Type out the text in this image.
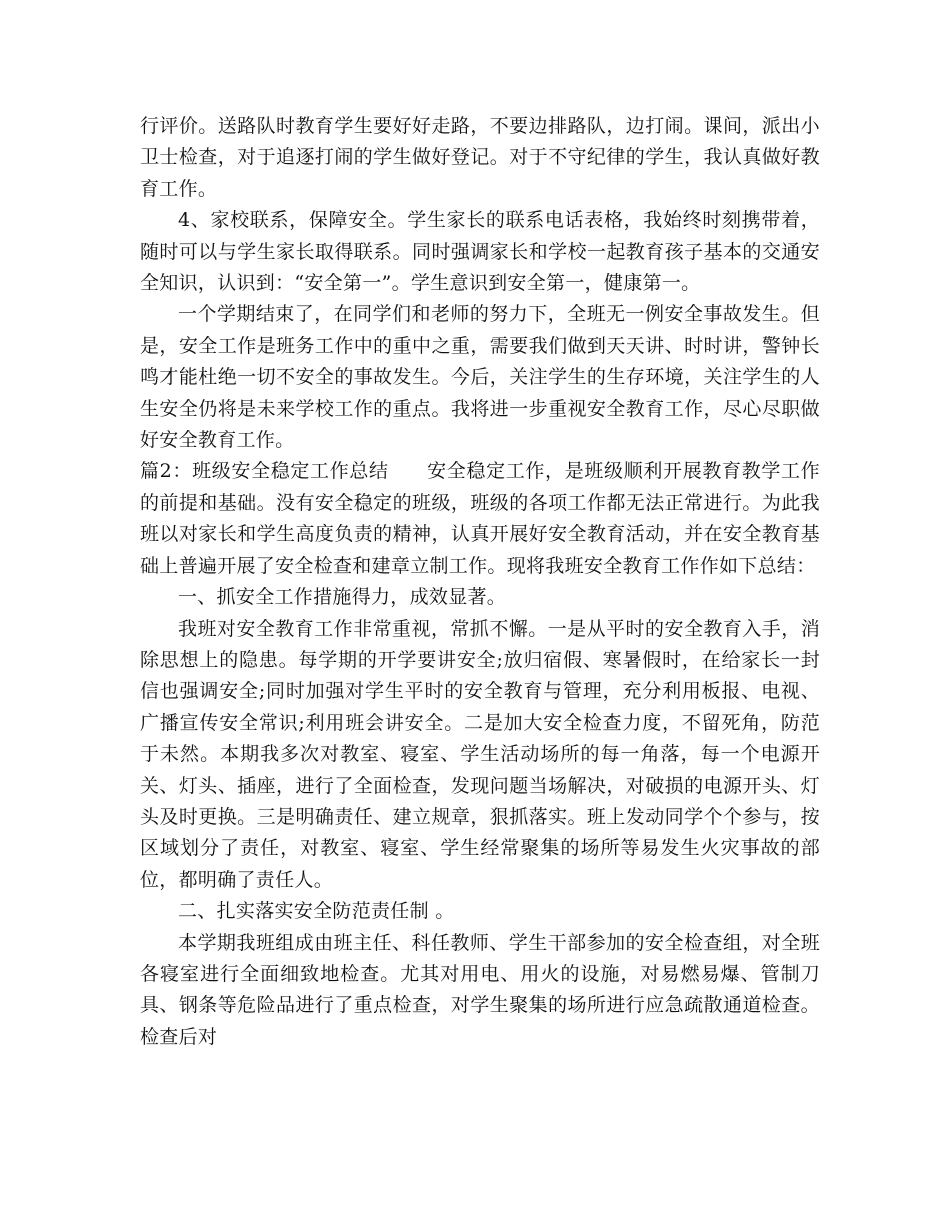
行评价。送路队时教育学生要好好走路，不要边排路队，边打闹。课间，派出小卫士检查，对于追逐打闹的学生做好登记。对于不守纪律的学生，我认真做好教育工作。

4、家校联系，保障安全。学生家长的联系电话表格，我始终时刻携带着，随时可以与学生家长取得联系。同时强调家长和学校一起教育孩子基本的交通安全知识，认识到：“安全第一”。学生意识到安全第一，健康第一。

一个学期结束了，在同学们和老师的努力下，全班无一例安全事故发生。但是，安全工作是班务工作中的重中之重，需要我们做到天天讲、时时讲，警钟长鸣才能杜绝一切不安全的事故发生。今后，关注学生的生存环境，关注学生的人生安全仍将是未来学校工作的重点。我将进一步重视安全教育工作，尽心尽职做好安全教育工作。

篇2：班级安全稳定工作总结 安全稳定工作，是班级顺利开展教育教学工作的前提和基础。没有安全稳定的班级，班级的各项工作都无法正常进行。为此我班以对家长和学生高度负责的精神，认真开展好安全教育活动，并在安全教育基础上普遍开展了安全检查和建章立制工作。现将我班安全教育工作作如下总结：

一、抓安全工作措施得力，成效显著。

我班对安全教育工作非常重视，常抓不懈。一是从平时的安全教育入手，消除思想上的隐患。每学期的开学要讲安全;放归宿假、寒暑假时，在给家长一封信也强调安全;同时加强对学生平时的安全教育与管理，充分利用板报、电视、广播宣传安全常识;利用班会讲安全。二是加大安全检查力度，不留死角，防范于未然。本期我多次对教室、寝室、学生活动场所的每一角落，每一个电源开关、灯头、插座，进行了全面检查，发现问题当场解决，对破损的电源开头、灯头及时更换。三是明确责任、建立规章，狠抓落实。班上发动同学个个参与，按区域划分了责任，对教室、寝室、学生经常聚集的场所等易发生火灾事故的部位，都明确了责任人。

二、扎实落实安全防范责任制 。

本学期我班组成由班主任、科任教师、学生干部参加的安全检查组，对全班各寝室进行全面细致地检查。尤其对用电、用火的设施，对易燃易爆、管制刀具、钢条等危险品进行了重点检查，对学生聚集的场所进行应急疏散通道检查。检查后对
